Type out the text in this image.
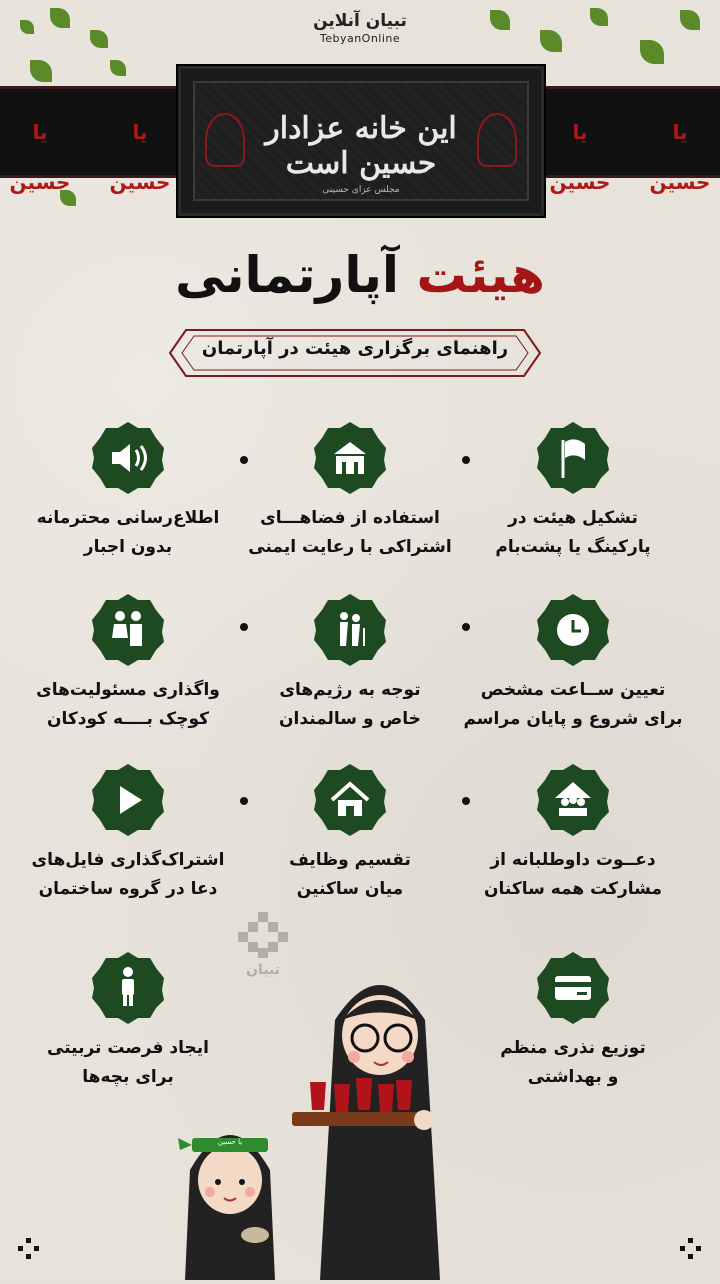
تبیان آنلاین
TebyanOnline
یا حسین
یا حسین
یا حسین
یا حسین
این خانه عزادار حسین است
مجلس عزای حسینی
هیئت آپارتمانی
راهنمای برگزاری هیئت در آپارتمان
تشکیل هیئت در
پارکینگ یا پشت‌بام
استفاده از فضاهـــای
اشتراکی با رعایت ایمنی
اطلاع‌رسانی محترمانه
بدون اجبار
تعیین ســاعت مشخص
برای شروع و پایان مراسم
توجه به رژیم‌های
خاص و سالمندان
واگذاری مسئولیت‌های
کوچک بــــه کودکان
دعــوت داوطلبانه از
مشارکت همه ساکنان
تقسیم وظایف
میان ساکنین
اشتراک‌گذاری فایل‌های
دعا در گروه ساختمان
توزیع نذری منظم
و بهداشتی
ایجاد فرصت تربیتی
برای بچه‌ها
تبیان
یا حسین
